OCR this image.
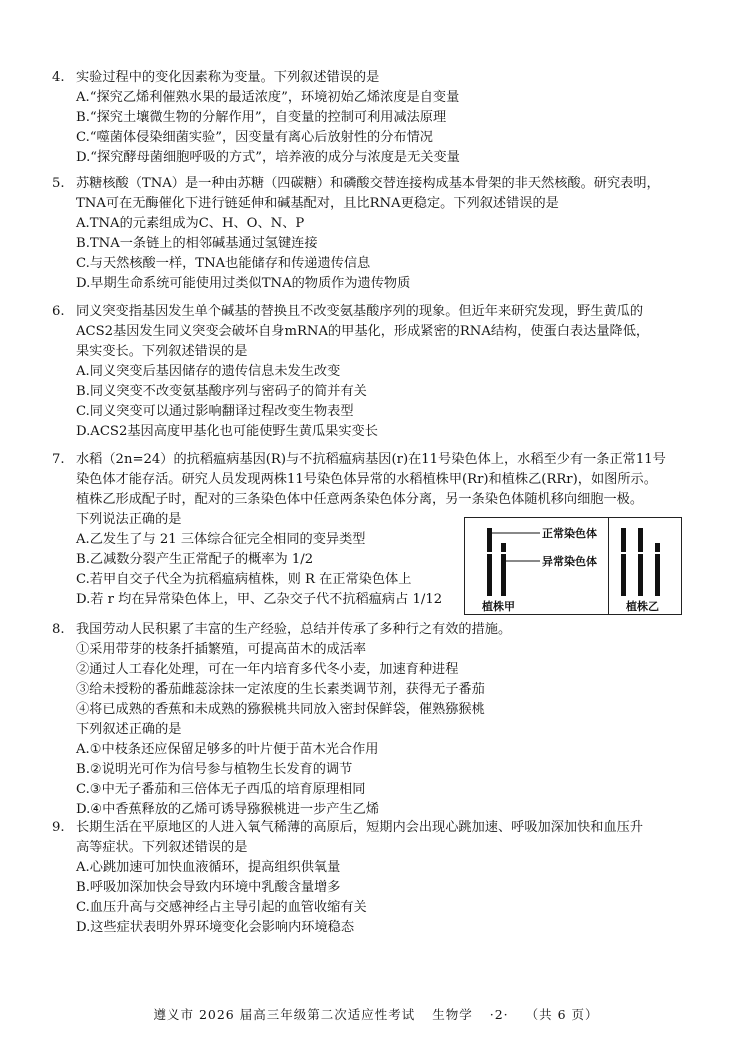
4. 实验过程中的变化因素称为变量。下列叙述错误的是

A.“探究乙烯利催熟水果的最适浓度”，环境初始乙烯浓度是自变量
B.“探究土壤微生物的分解作用”，自变量的控制可利用减法原理
C.“噬菌体侵染细菌实验”，因变量有离心后放射性的分布情况
D.“探究酵母菌细胞呼吸的方式”，培养液的成分与浓度是无关变量
5. 苏糖核酸（TNA）是一种由苏糖（四碳糖）和磷酸交替连接构成基本骨架的非天然核酸。研究表明，

TNA可在无酶催化下进行链延伸和碱基配对，且比RNA更稳定。下列叙述错误的是

A.TNA的元素组成为C、H、O、N、P
B.TNA一条链上的相邻碱基通过氢键连接
C.与天然核酸一样，TNA也能储存和传递遗传信息
D.早期生命系统可能使用过类似TNA的物质作为遗传物质
6. 同义突变指基因发生单个碱基的替换且不改变氨基酸序列的现象。但近年来研究发现，野生黄瓜的

ACS2基因发生同义突变会破坏自身mRNA的甲基化，形成紧密的RNA结构，使蛋白表达量降低，

果实变长。下列叙述错误的是

A.同义突变后基因储存的遗传信息未发生改变
B.同义突变不改变氨基酸序列与密码子的简并有关
C.同义突变可以通过影响翻译过程改变生物表型
D.ACS2基因高度甲基化也可能使野生黄瓜果实变长
7. 水稻（2n=24）的抗稻瘟病基因(R)与不抗稻瘟病基因(r)在11号染色体上，水稻至少有一条正常11号

染色体才能存活。研究人员发现两株11号染色体异常的水稻植株甲(Rr)和植株乙(RRr)，如图所示。

植株乙形成配子时，配对的三条染色体中任意两条染色体分离，另一条染色体随机移向细胞一极。

下列说法正确的是

A.乙发生了与 21 三体综合征完全相同的变异类型
B.乙减数分裂产生正常配子的概率为 1/2
C.若甲自交子代全为抗稻瘟病植株，则 R 在正常染色体上
D.若 r 均在异常染色体上，甲、乙杂交子代不抗稻瘟病占 1/12
正常染色体
异常染色体
植株甲	植株乙
8. 我国劳动人民积累了丰富的生产经验，总结并传承了多种行之有效的措施。

①采用带芽的枝条扦插繁殖，可提高苗木的成活率

②通过人工春化处理，可在一年内培育多代冬小麦，加速育种进程

③给未授粉的番茄雌蕊涂抹一定浓度的生长素类调节剂，获得无子番茄

④将已成熟的香蕉和未成熟的猕猴桃共同放入密封保鲜袋，催熟猕猴桃

下列叙述正确的是

A.①中枝条还应保留足够多的叶片便于苗木光合作用
B.②说明光可作为信号参与植物生长发育的调节
C.③中无子番茄和三倍体无子西瓜的培育原理相同
D.④中香蕉释放的乙烯可诱导猕猴桃进一步产生乙烯
9. 长期生活在平原地区的人进入氧气稀薄的高原后，短期内会出现心跳加速、呼吸加深加快和血压升

高等症状。下列叙述错误的是

A.心跳加速可加快血液循环，提高组织供氧量
B.呼吸加深加快会导致内环境中乳酸含量增多
C.血压升高与交感神经占主导引起的血管收缩有关
D.这些症状表明外界环境变化会影响内环境稳态
遵义市 2026 届高三年级第二次适应性考试 生物学 ·2· （共 6 页）
